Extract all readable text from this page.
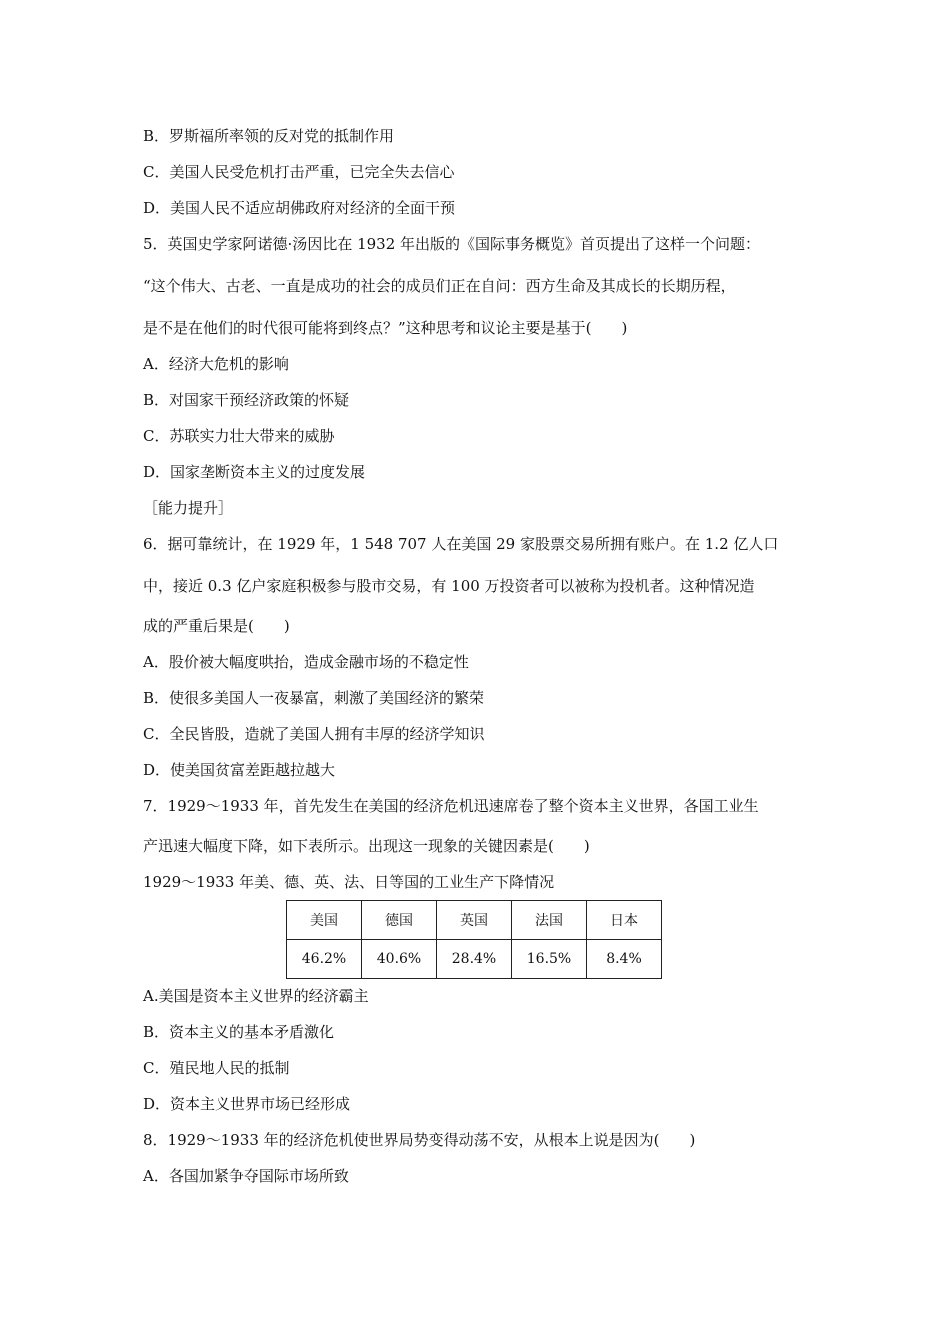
B．罗斯福所率领的反对党的抵制作用
C．美国人民受危机打击严重，已完全失去信心
D．美国人民不适应胡佛政府对经济的全面干预
5．英国史学家阿诺德·汤因比在 1932 年出版的《国际事务概览》首页提出了这样一个问题：
“这个伟大、古老、一直是成功的社会的成员们正在自问：西方生命及其成长的长期历程，
是不是在他们的时代很可能将到终点？”这种思考和议论主要是基于(　　)
A．经济大危机的影响
B．对国家干预经济政策的怀疑
C．苏联实力壮大带来的威胁
D．国家垄断资本主义的过度发展
［能力提升］
6．据可靠统计，在 1929 年，1 548 707 人在美国 29 家股票交易所拥有账户。在 1.2 亿人口
中，接近 0.3 亿户家庭积极参与股市交易，有 100 万投资者可以被称为投机者。这种情况造
成的严重后果是(　　)
A．股价被大幅度哄抬，造成金融市场的不稳定性
B．使很多美国人一夜暴富，刺激了美国经济的繁荣
C．全民皆股，造就了美国人拥有丰厚的经济学知识
D．使美国贫富差距越拉越大
7．1929～1933 年，首先发生在美国的经济危机迅速席卷了整个资本主义世界，各国工业生
产迅速大幅度下降，如下表所示。出现这一现象的关键因素是(　　)
1929～1933 年美、德、英、法、日等国的工业生产下降情况
美国	德国	英国	法国	日本
46.2%	40.6%	28.4%	16.5%	8.4%
A.美国是资本主义世界的经济霸主
B．资本主义的基本矛盾激化
C．殖民地人民的抵制
D．资本主义世界市场已经形成
8．1929～1933 年的经济危机使世界局势变得动荡不安，从根本上说是因为(　　)
A．各国加紧争夺国际市场所致
